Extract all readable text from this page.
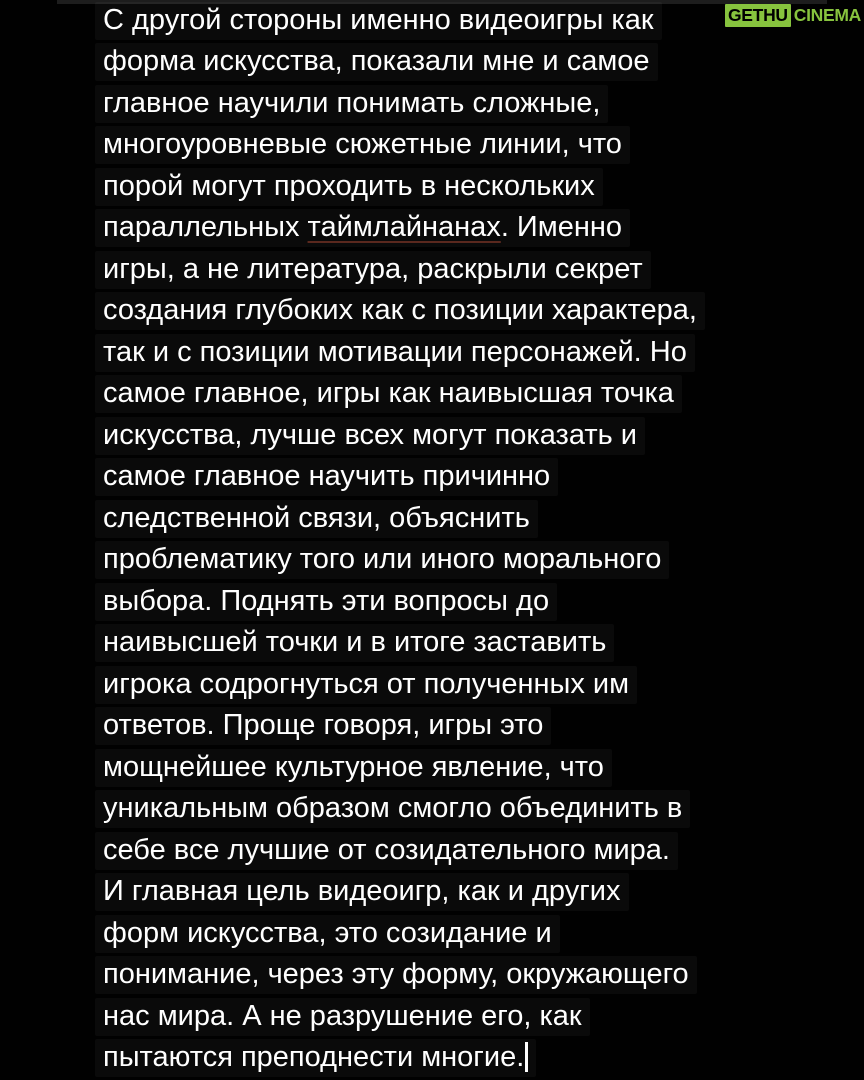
GETHU CINEMA
С другой стороны именно видеоигры как
форма искусства, показали мне и самое
главное научили понимать сложные,
многоуровневые сюжетные линии, что
порой могут проходить в нескольких
параллельных таймлайнанах. Именно
игры, а не литература, раскрыли секрет
создания глубоких как с позиции характера,
так и с позиции мотивации персонажей. Но
самое главное, игры как наивысшая точка
искусства, лучше всех могут показать и
самое главное научить причинно
следственной связи, объяснить
проблематику того или иного морального
выбора. Поднять эти вопросы до
наивысшей точки и в итоге заставить
игрока содрогнуться от полученных им
ответов. Проще говоря, игры это
мощнейшее культурное явление, что
уникальным образом смогло объединить в
себе все лучшие от созидательного мира.
И главная цель видеоигр, как и других
форм искусства, это созидание и
понимание, через эту форму, окружающего
нас мира. А не разрушение его, как
пытаются преподнести многие.
